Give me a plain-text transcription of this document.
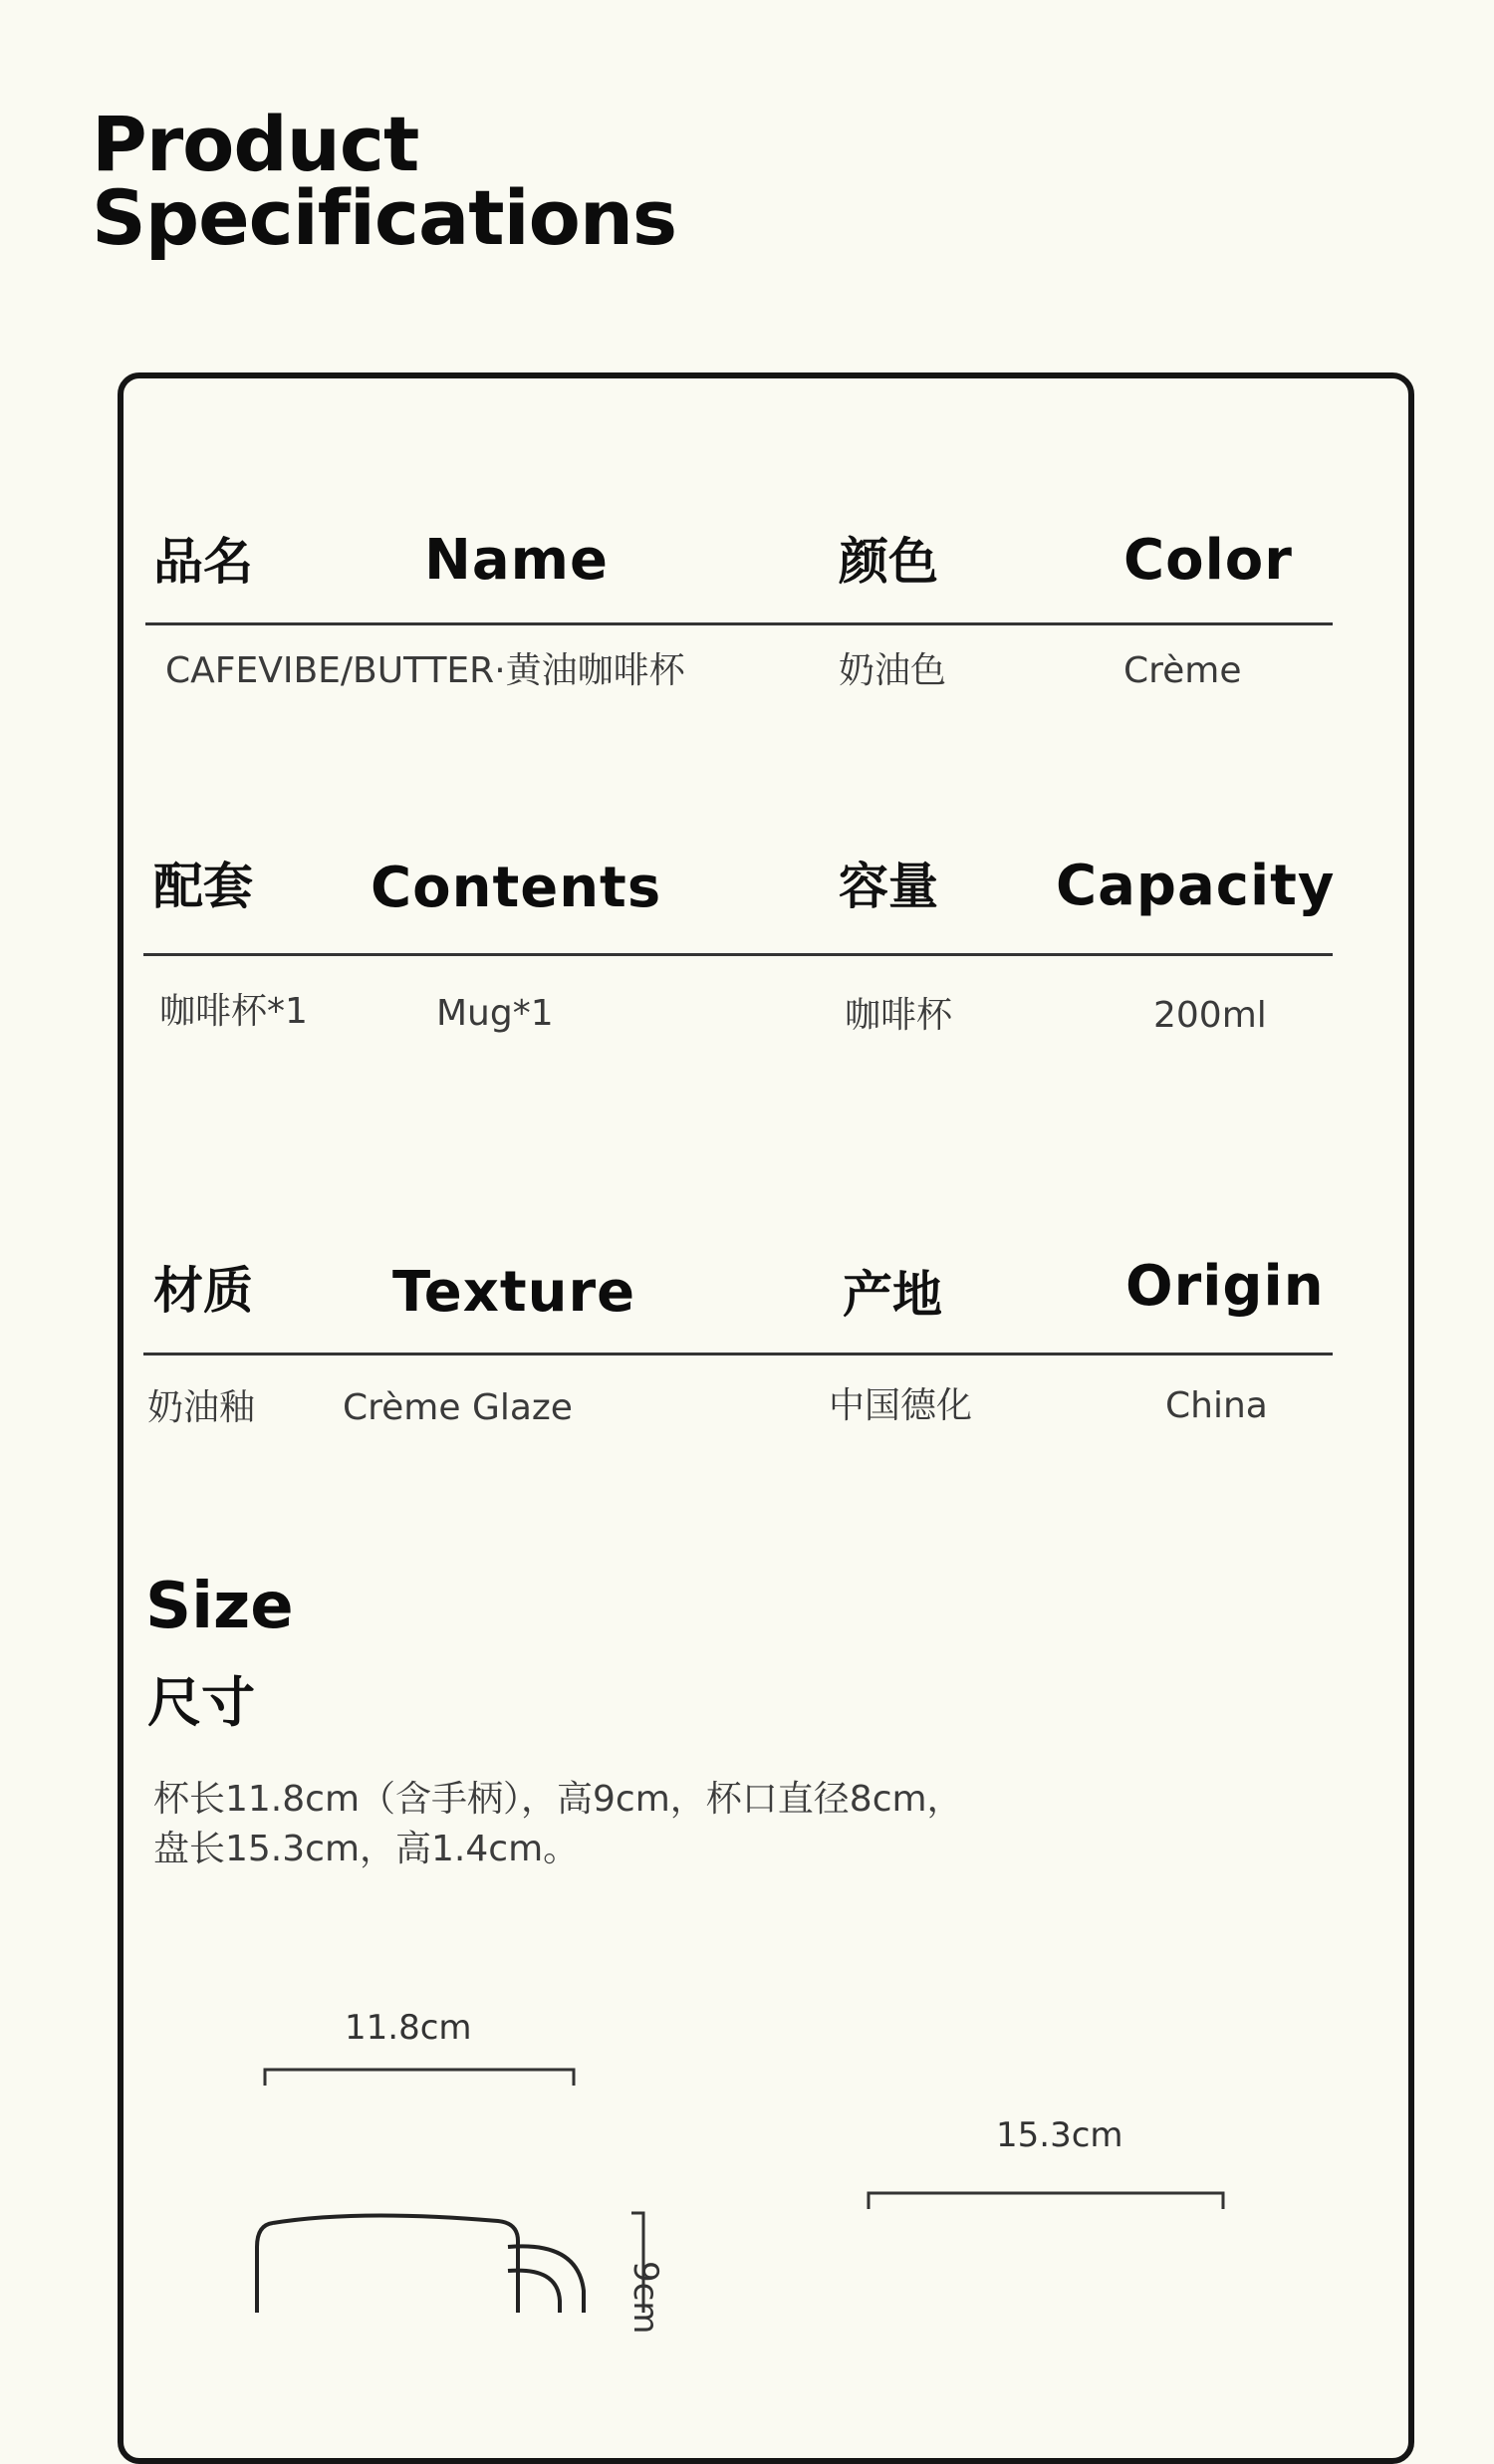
Product
Specifications
品名	Name	颜色	Color
CAFEVIBE/BUTTER·黄油咖啡杯	奶油色	Crème
配套 Contents	容量 Capacity
咖啡杯*1	Mug*1	咖啡杯	200ml
材质	Texture	产地	Origin
奶油釉 Crème Glaze	中国德化	China
Size
尺寸
杯长11.8cm（含手柄），高9cm，杯口直径8cm，
盘长15.3cm，高1.4cm。
11.8cm
15.3cm
9cm
